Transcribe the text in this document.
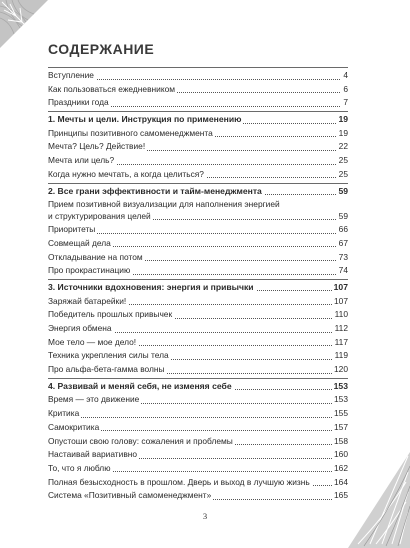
СОДЕРЖАНИЕ
Вступление	4
Как пользоваться ежедневником	6
Праздники года	7
1. Мечты и цели. Инструкция по применению	19
Принципы позитивного самоменеджмента	19
Мечта? Цель? Действие!	22
Мечта или цель?	25
Когда нужно мечтать, а когда целиться?	25
2. Все грани эффективности и тайм-менеджмента	59
Прием позитивной визуализации для наполнения энергией
и структурирования целей	59
Приоритеты	66
Совмещай дела	67
Откладывание на потом	73
Про прокрастинацию	74
3. Источники вдохновения: энергия и привычки	107
Заряжай батарейки!	107
Победитель прошлых привычек	110
Энергия обмена	112
Мое тело — мое дело!	117
Техника укрепления силы тела	119
Про альфа-бета-гамма волны	120
4. Развивай и меняй себя, не изменяя себе	153
Время — это движение	153
Критика	155
Самокритика	157
Опустоши свою голову: сожаления и проблемы	158
Настаивай вариативно	160
То, что я люблю	162
Полная безысходность в прошлом. Дверь и выход в лучшую жизнь	164
Система «Позитивный самоменеджмент»	165
3
